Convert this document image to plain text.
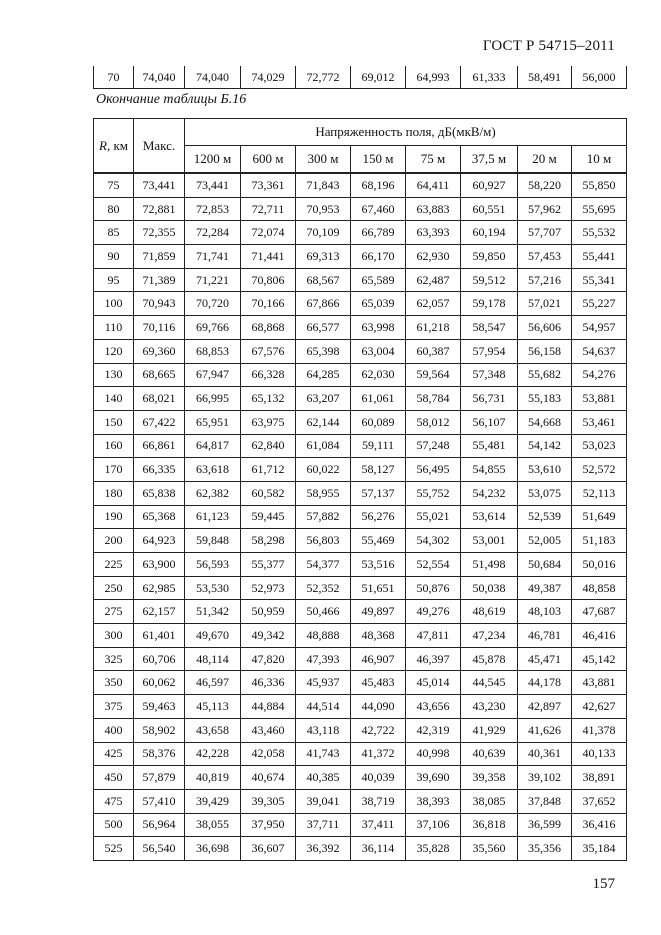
ГОСТ Р 54715–2011
70	74,040	74,040	74,029	72,772	69,012	64,993	61,333	58,491	56,000
Окончание таблицы Б.16
R, км	Макс.	Напряженность поля, дБ(мкВ/м)							
		1200 м	600 м	300 м	150 м	75 м	37,5 м	20 м	10 м
75	73,441	73,441	73,361	71,843	68,196	64,411	60,927	58,220	55,850
80	72,881	72,853	72,711	70,953	67,460	63,883	60,551	57,962	55,695
85	72,355	72,284	72,074	70,109	66,789	63,393	60,194	57,707	55,532
90	71,859	71,741	71,441	69,313	66,170	62,930	59,850	57,453	55,441
95	71,389	71,221	70,806	68,567	65,589	62,487	59,512	57,216	55,341
100	70,943	70,720	70,166	67,866	65,039	62,057	59,178	57,021	55,227
110	70,116	69,766	68,868	66,577	63,998	61,218	58,547	56,606	54,957
120	69,360	68,853	67,576	65,398	63,004	60,387	57,954	56,158	54,637
130	68,665	67,947	66,328	64,285	62,030	59,564	57,348	55,682	54,276
140	68,021	66,995	65,132	63,207	61,061	58,784	56,731	55,183	53,881
150	67,422	65,951	63,975	62,144	60,089	58,012	56,107	54,668	53,461
160	66,861	64,817	62,840	61,084	59,111	57,248	55,481	54,142	53,023
170	66,335	63,618	61,712	60,022	58,127	56,495	54,855	53,610	52,572
180	65,838	62,382	60,582	58,955	57,137	55,752	54,232	53,075	52,113
190	65,368	61,123	59,445	57,882	56,276	55,021	53,614	52,539	51,649
200	64,923	59,848	58,298	56,803	55,469	54,302	53,001	52,005	51,183
225	63,900	56,593	55,377	54,377	53,516	52,554	51,498	50,684	50,016
250	62,985	53,530	52,973	52,352	51,651	50,876	50,038	49,387	48,858
275	62,157	51,342	50,959	50,466	49,897	49,276	48,619	48,103	47,687
300	61,401	49,670	49,342	48,888	48,368	47,811	47,234	46,781	46,416
325	60,706	48,114	47,820	47,393	46,907	46,397	45,878	45,471	45,142
350	60,062	46,597	46,336	45,937	45,483	45,014	44,545	44,178	43,881
375	59,463	45,113	44,884	44,514	44,090	43,656	43,230	42,897	42,627
400	58,902	43,658	43,460	43,118	42,722	42,319	41,929	41,626	41,378
425	58,376	42,228	42,058	41,743	41,372	40,998	40,639	40,361	40,133
450	57,879	40,819	40,674	40,385	40,039	39,690	39,358	39,102	38,891
475	57,410	39,429	39,305	39,041	38,719	38,393	38,085	37,848	37,652
500	56,964	38,055	37,950	37,711	37,411	37,106	36,818	36,599	36,416
525	56,540	36,698	36,607	36,392	36,114	35,828	35,560	35,356	35,184
157
